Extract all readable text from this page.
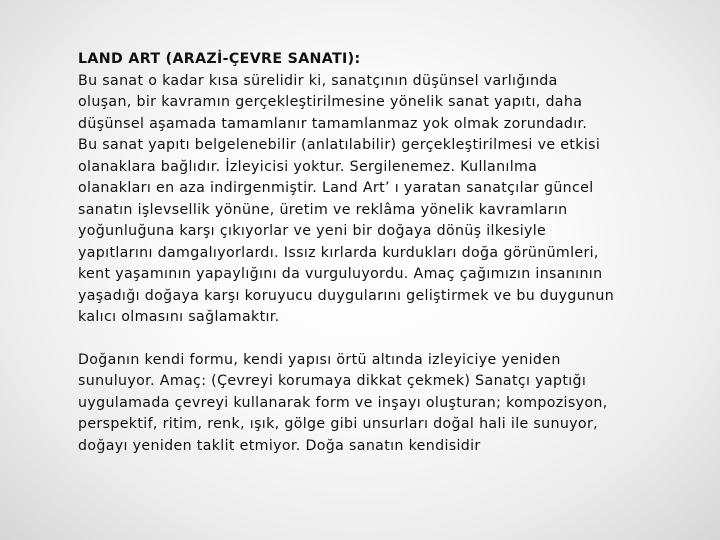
LAND ART (ARAZİ-ÇEVRE SANATI):
Bu sanat o kadar kısa sürelidir ki, sanatçının düşünsel varlığında
oluşan, bir kavramın gerçekleştirilmesine yönelik sanat yapıtı, daha
düşünsel aşamada tamamlanır tamamlanmaz yok olmak zorundadır.
Bu sanat yapıtı belgelenebilir (anlatılabilir) gerçekleştirilmesi ve etkisi
olanaklara bağlıdır. İzleyicisi yoktur. Sergilenemez. Kullanılma
olanakları en aza indirgenmiştir. Land Art’ ı yaratan sanatçılar güncel
sanatın işlevsellik yönüne, üretim ve reklâma yönelik kavramların
yoğunluğuna karşı çıkıyorlar ve yeni bir doğaya dönüş ilkesiyle
yapıtlarını damgalıyorlardı. Issız kırlarda kurdukları doğa görünümleri,
kent yaşamının yapaylığını da vurguluyordu. Amaç çağımızın insanının
yaşadığı doğaya karşı koruyucu duygularını geliştirmek ve bu duygunun
kalıcı olmasını sağlamaktır.
Doğanın kendi formu, kendi yapısı örtü altında izleyiciye yeniden
sunuluyor. Amaç: (Çevreyi korumaya dikkat çekmek) Sanatçı yaptığı
uygulamada çevreyi kullanarak form ve inşayı oluşturan; kompozisyon,
perspektif, ritim, renk, ışık, gölge gibi unsurları doğal hali ile sunuyor,
doğayı yeniden taklit etmiyor. Doğa sanatın kendisidir
